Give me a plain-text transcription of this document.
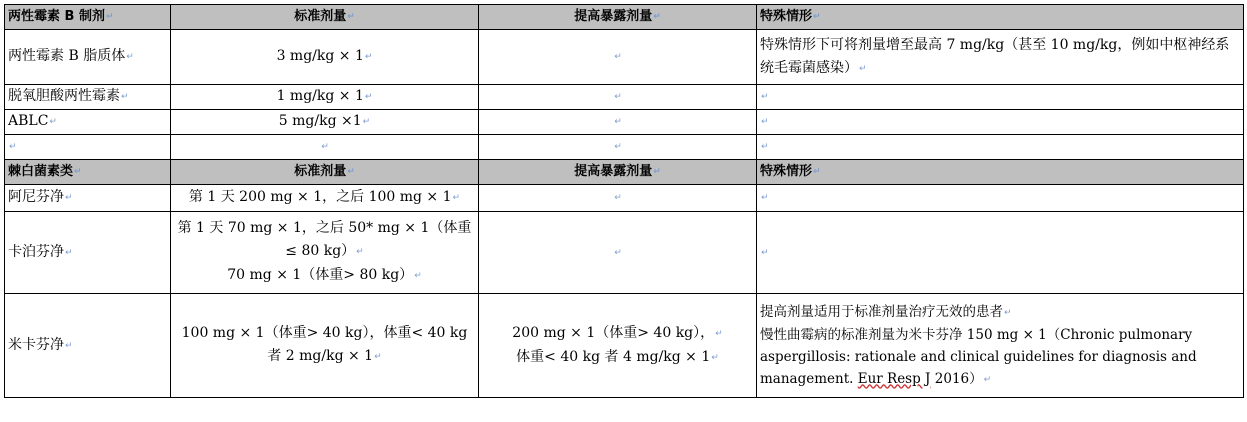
两性霉素 B 制剂↵	标准剂量↵	提高暴露剂量↵	特殊情形↵
两性霉素 B 脂质体↵	3 mg/kg × 1↵	↵	特殊情形下可将剂量增至最高 7 mg/kg（甚至 10 mg/kg，例如中枢神经系统毛霉菌感染）↵
脱氧胆酸两性霉素↵	1 mg/kg × 1↵	↵	↵
ABLC↵	5 mg/kg ×1↵	↵	↵
↵	↵	↵	↵
棘白菌素类↵	标准剂量↵	提高暴露剂量↵	特殊情形↵
阿尼芬净↵	第 1 天 200 mg × 1，之后 100 mg × 1↵	↵	↵
卡泊芬净↵	第 1 天 70 mg × 1，之后 50* mg × 1（体重≤ 80 kg）↵
70 mg × 1（体重> 80 kg）↵	↵	↵
米卡芬净↵	100 mg × 1（体重> 40 kg），体重< 40 kg 者 2 mg/kg × 1↵	200 mg × 1（体重> 40 kg），↵
体重< 40 kg 者 4 mg/kg × 1↵	提高剂量适用于标准剂量治疗无效的患者↵
慢性曲霉病的标准剂量为米卡芬净 150 mg × 1（Chronic pulmonary aspergillosis: rationale and clinical guidelines for diagnosis and management. Eur Resp J 2016）↵
